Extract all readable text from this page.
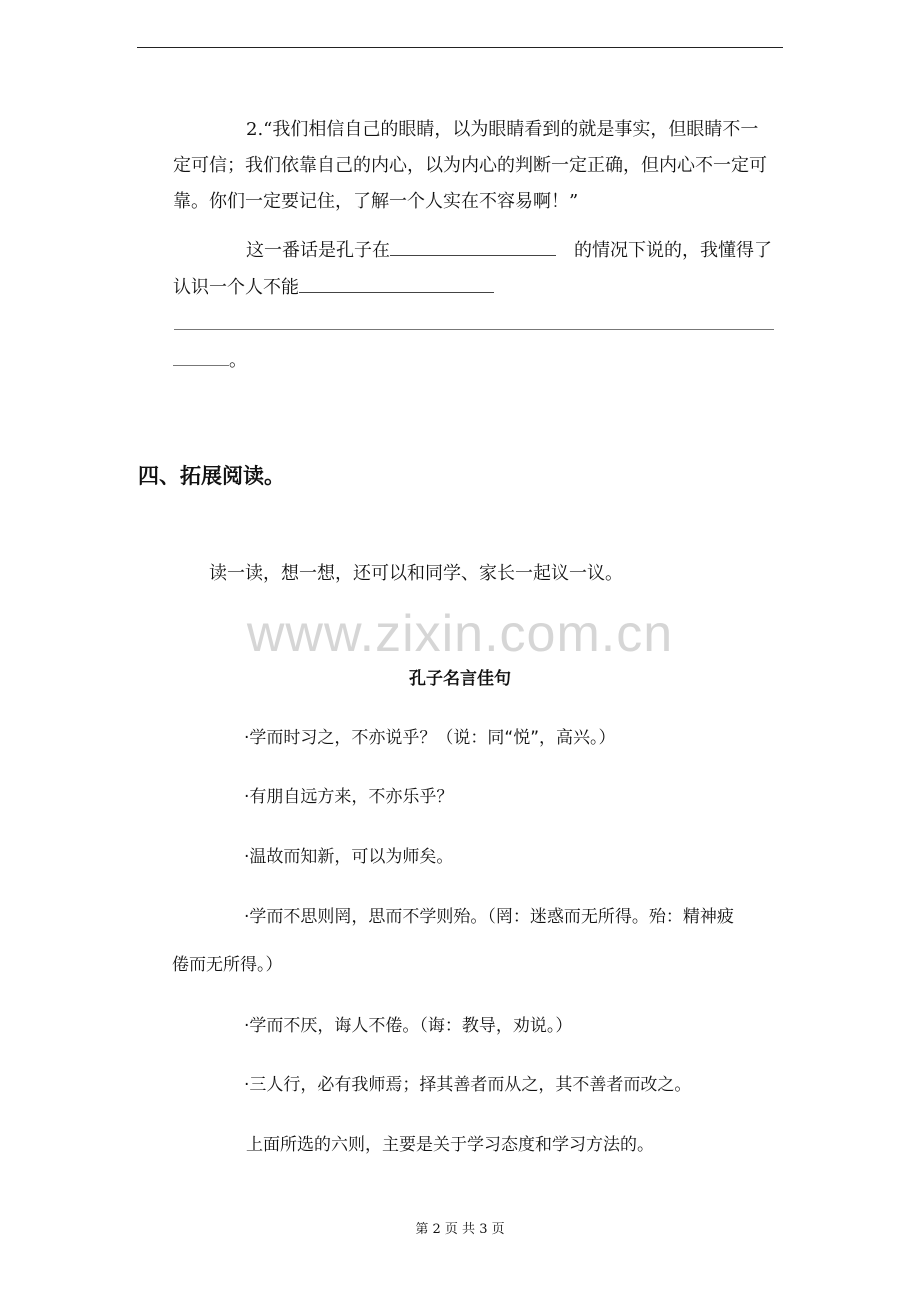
2.“我们相信自己的眼睛，以为眼睛看到的就是事实，但眼睛不一
定可信；我们依靠自己的内心，以为内心的判断一定正确，但内心不一定可
靠。你们一定要记住，了解一个人实在不容易啊！”
这一番话是孔子在	的情况下说的，我懂得了
认识一个人不能
。
四、拓展阅读。
读一读，想一想，还可以和同学、家长一起议一议。
www.zixin.com.cn
孔子名言佳句
·学而时习之，不亦说乎？（说：同“悦”，高兴。）
·有朋自远方来，不亦乐乎？
·温故而知新，可以为师矣。
·学而不思则罔，思而不学则殆。（罔：迷惑而无所得。殆：精神疲
倦而无所得。）
·学而不厌，诲人不倦。（诲：教导，劝说。）
·三人行，必有我师焉；择其善者而从之，其不善者而改之。
上面所选的六则，主要是关于学习态度和学习方法的。
第 2 页 共 3 页
